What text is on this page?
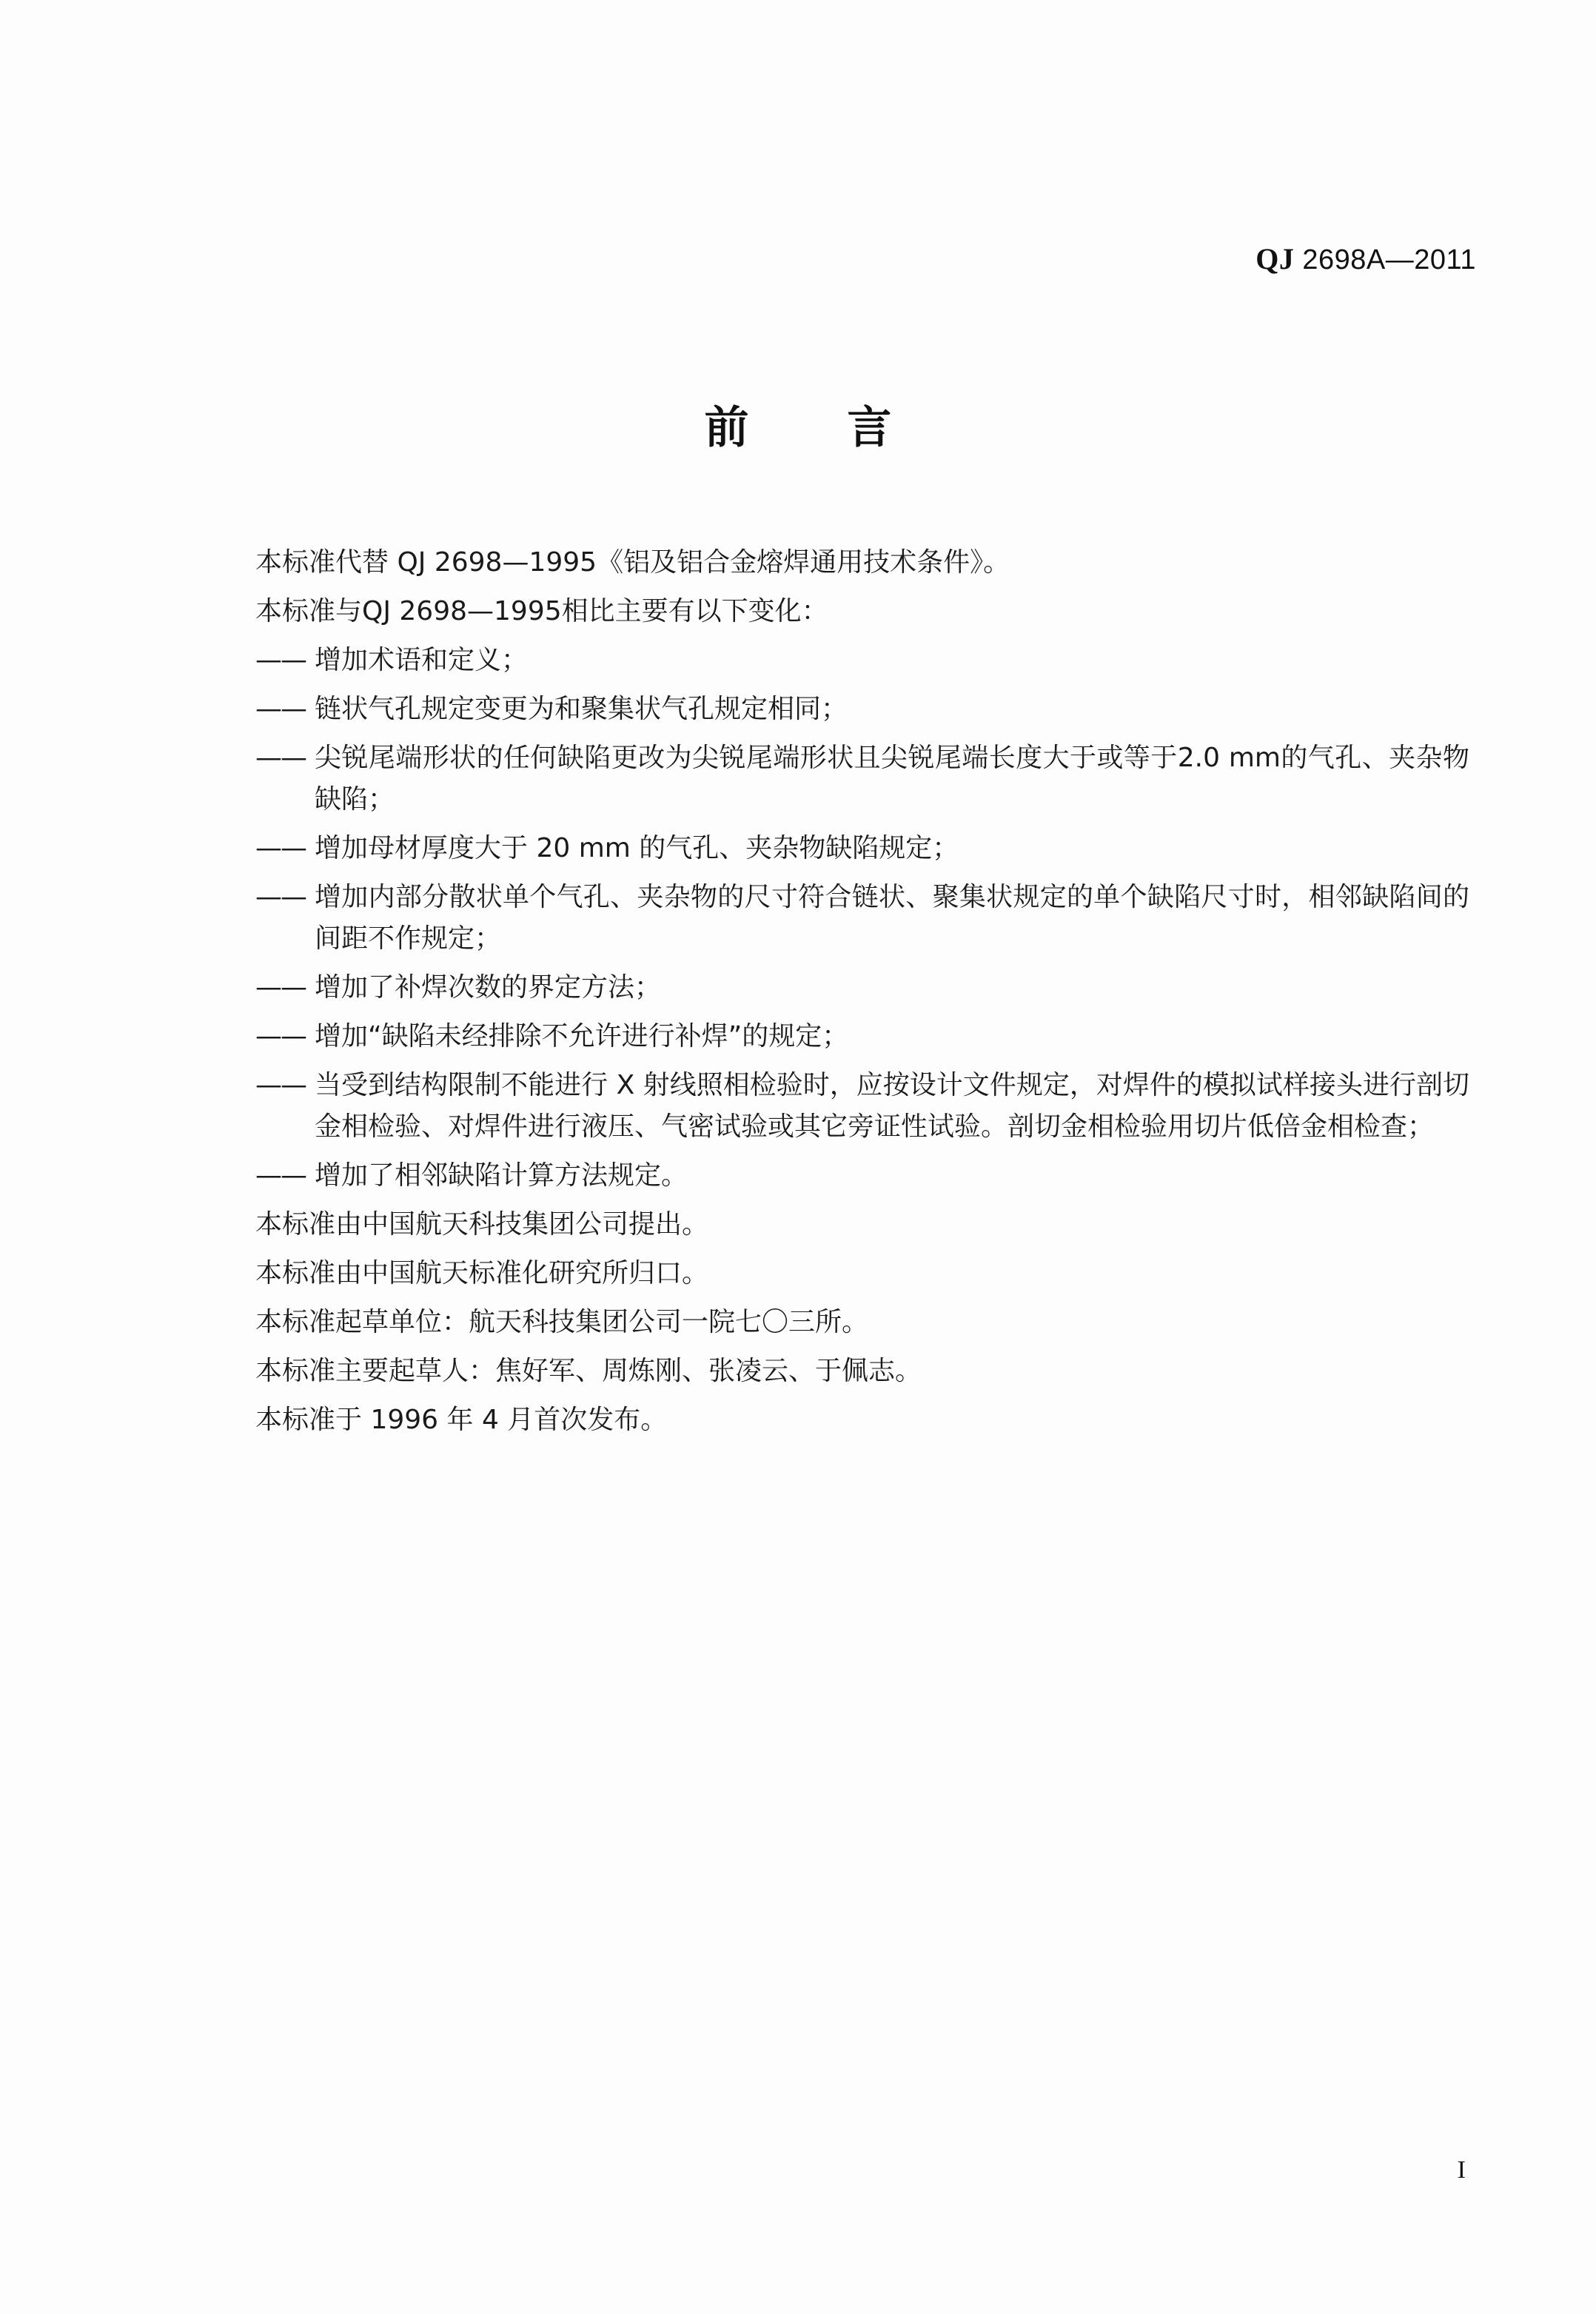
QJ 2698A—2011
前 言

本标准代替 QJ 2698—1995《铝及铝合金熔焊通用技术条件》。

本标准与QJ 2698—1995相比主要有以下变化：

—— 增加术语和定义；
—— 链状气孔规定变更为和聚集状气孔规定相同；
—— 尖锐尾端形状的任何缺陷更改为尖锐尾端形状且尖锐尾端长度大于或等于2.0 mm的气孔、夹杂物缺陷；
—— 增加母材厚度大于 20 mm 的气孔、夹杂物缺陷规定；
—— 增加内部分散状单个气孔、夹杂物的尺寸符合链状、聚集状规定的单个缺陷尺寸时，相邻缺陷间的间距不作规定；
—— 增加了补焊次数的界定方法；
—— 增加“缺陷未经排除不允许进行补焊”的规定；
—— 当受到结构限制不能进行 X 射线照相检验时，应按设计文件规定，对焊件的模拟试样接头进行剖切金相检验、对焊件进行液压、气密试验或其它旁证性试验。剖切金相检验用切片低倍金相检查；
—— 增加了相邻缺陷计算方法规定。

本标准由中国航天科技集团公司提出。

本标准由中国航天标准化研究所归口。

本标准起草单位：航天科技集团公司一院七〇三所。

本标准主要起草人：焦好军、周炼刚、张凌云、于佩志。

本标准于 1996 年 4 月首次发布。

I
